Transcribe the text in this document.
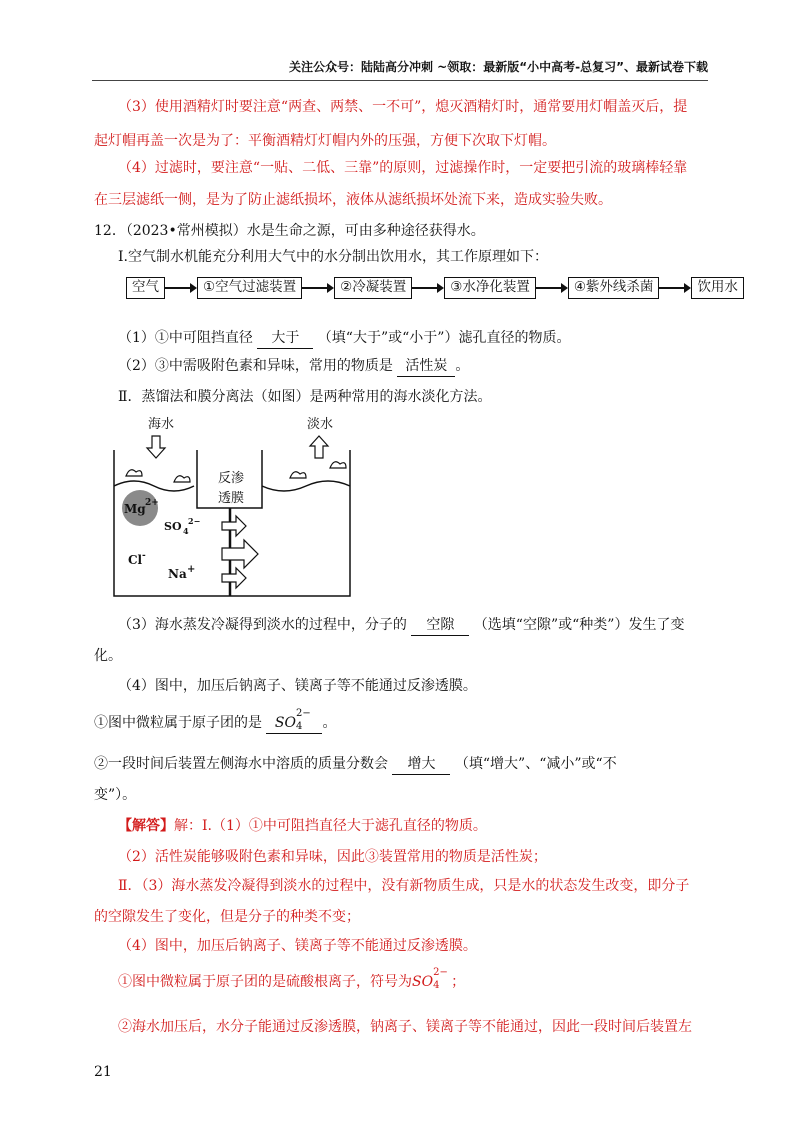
关注公众号：陆陆高分冲刺 ~领取：最新版“小中高考-总复习”、最新试卷下载
（3）使用酒精灯时要注意“两查、两禁、一不可”，熄灭酒精灯时，通常要用灯帽盖灭后，提
起灯帽再盖一次是为了：平衡酒精灯灯帽内外的压强，方便下次取下灯帽。
（4）过滤时，要注意“一贴、二低、三靠”的原则，过滤操作时，一定要把引流的玻璃棒轻靠
在三层滤纸一侧，是为了防止滤纸损坏，液体从滤纸损坏处流下来，造成实验失败。
12．（2023•常州模拟）水是生命之源，可由多种途径获得水。
Ⅰ.空气制水机能充分利用大气中的水分制出饮用水，其工作原理如下：
空气	①空气过滤装置	②冷凝装置	③水净化装置	④紫外线杀菌	饮用水
（1）①中可阻挡直径 大于 （填“大于”或“小于”）滤孔直径的物质。
（2）③中需吸附色素和异味，常用的物质是 活性炭 。
Ⅱ．蒸馏法和膜分离法（如图）是两种常用的海水淡化方法。
海水	淡水
反渗
透膜
Mg 2+
SO 4
2−
Cl -
Na +
（3）海水蒸发冷凝得到淡水的过程中，分子的 空隙 （选填“空隙”或“种类”）发生了变
化。
（4）图中，加压后钠离子、镁离子等不能通过反渗透膜。
①图中微粒属于原子团的是 SO
2−
4 。
②一段时间后装置左侧海水中溶质的质量分数会 增大 （填“增大”、“减小”或“不
变”）。
【解答】解：Ⅰ.（1）①中可阻挡直径大于滤孔直径的物质。
（2）活性炭能够吸附色素和异味，因此③装置常用的物质是活性炭；
Ⅱ．（3）海水蒸发冷凝得到淡水的过程中，没有新物质生成，只是水的状态发生改变，即分子
的空隙发生了变化，但是分子的种类不变；
（4）图中，加压后钠离子、镁离子等不能通过反渗透膜。
①图中微粒属于原子团的是硫酸根离子，符号为SO
2−
4 ；
②海水加压后，水分子能通过反渗透膜，钠离子、镁离子等不能通过，因此一段时间后装置左
21
